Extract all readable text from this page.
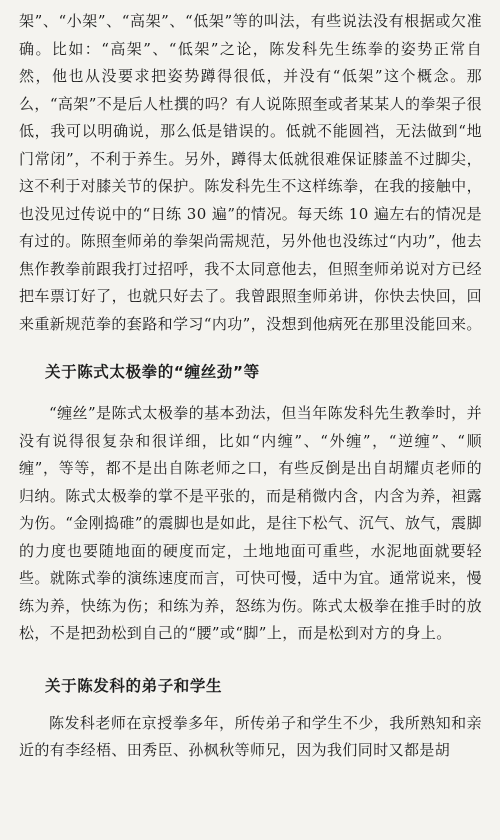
架”、“小架”、“高架”、“低架”等的叫法，有些说法没有根据或欠准确。比如：“高架”、“低架”之论，陈发科先生练拳的姿势正常自然，他也从没要求把姿势蹲得很低，并没有“低架”这个概念。那么，“高架”不是后人杜撰的吗？有人说陈照奎或者某某人的拳架子很低，我可以明确说，那么低是错误的。低就不能圆裆，无法做到“地门常闭”，不利于养生。另外，蹲得太低就很难保证膝盖不过脚尖，这不利于对膝关节的保护。陈发科先生不这样练拳，在我的接触中，也没见过传说中的“日练 30 遍”的情况。每天练 10 遍左右的情况是有过的。陈照奎师弟的拳架尚需规范，另外他也没练过“内功”，他去焦作教拳前跟我打过招呼，我不太同意他去，但照奎师弟说对方已经把车票订好了，也就只好去了。我曾跟照奎师弟讲，你快去快回，回来重新规范拳的套路和学习“内功”，没想到他病死在那里没能回来。

关于陈式太极拳的“缠丝劲”等

“缠丝”是陈式太极拳的基本劲法，但当年陈发科先生教拳时，并没有说得很复杂和很详细，比如“内缠”、“外缠”，“逆缠”、“顺缠”，等等，都不是出自陈老师之口，有些反倒是出自胡耀贞老师的归纳。陈式太极拳的掌不是平张的，而是稍微内含，内含为养，袒露为伤。“金刚捣碓”的震脚也是如此，是往下松气、沉气、放气，震脚的力度也要随地面的硬度而定，土地地面可重些，水泥地面就要轻些。就陈式拳的演练速度而言，可快可慢，适中为宜。通常说来，慢练为养，快练为伤；和练为养，怒练为伤。陈式太极拳在推手时的放松，不是把劲松到自己的“腰”或“脚”上，而是松到对方的身上。

关于陈发科的弟子和学生

陈发科老师在京授拳多年，所传弟子和学生不少，我所熟知和亲近的有李经梧、田秀臣、孙枫秋等师兄，因为我们同时又都是胡
